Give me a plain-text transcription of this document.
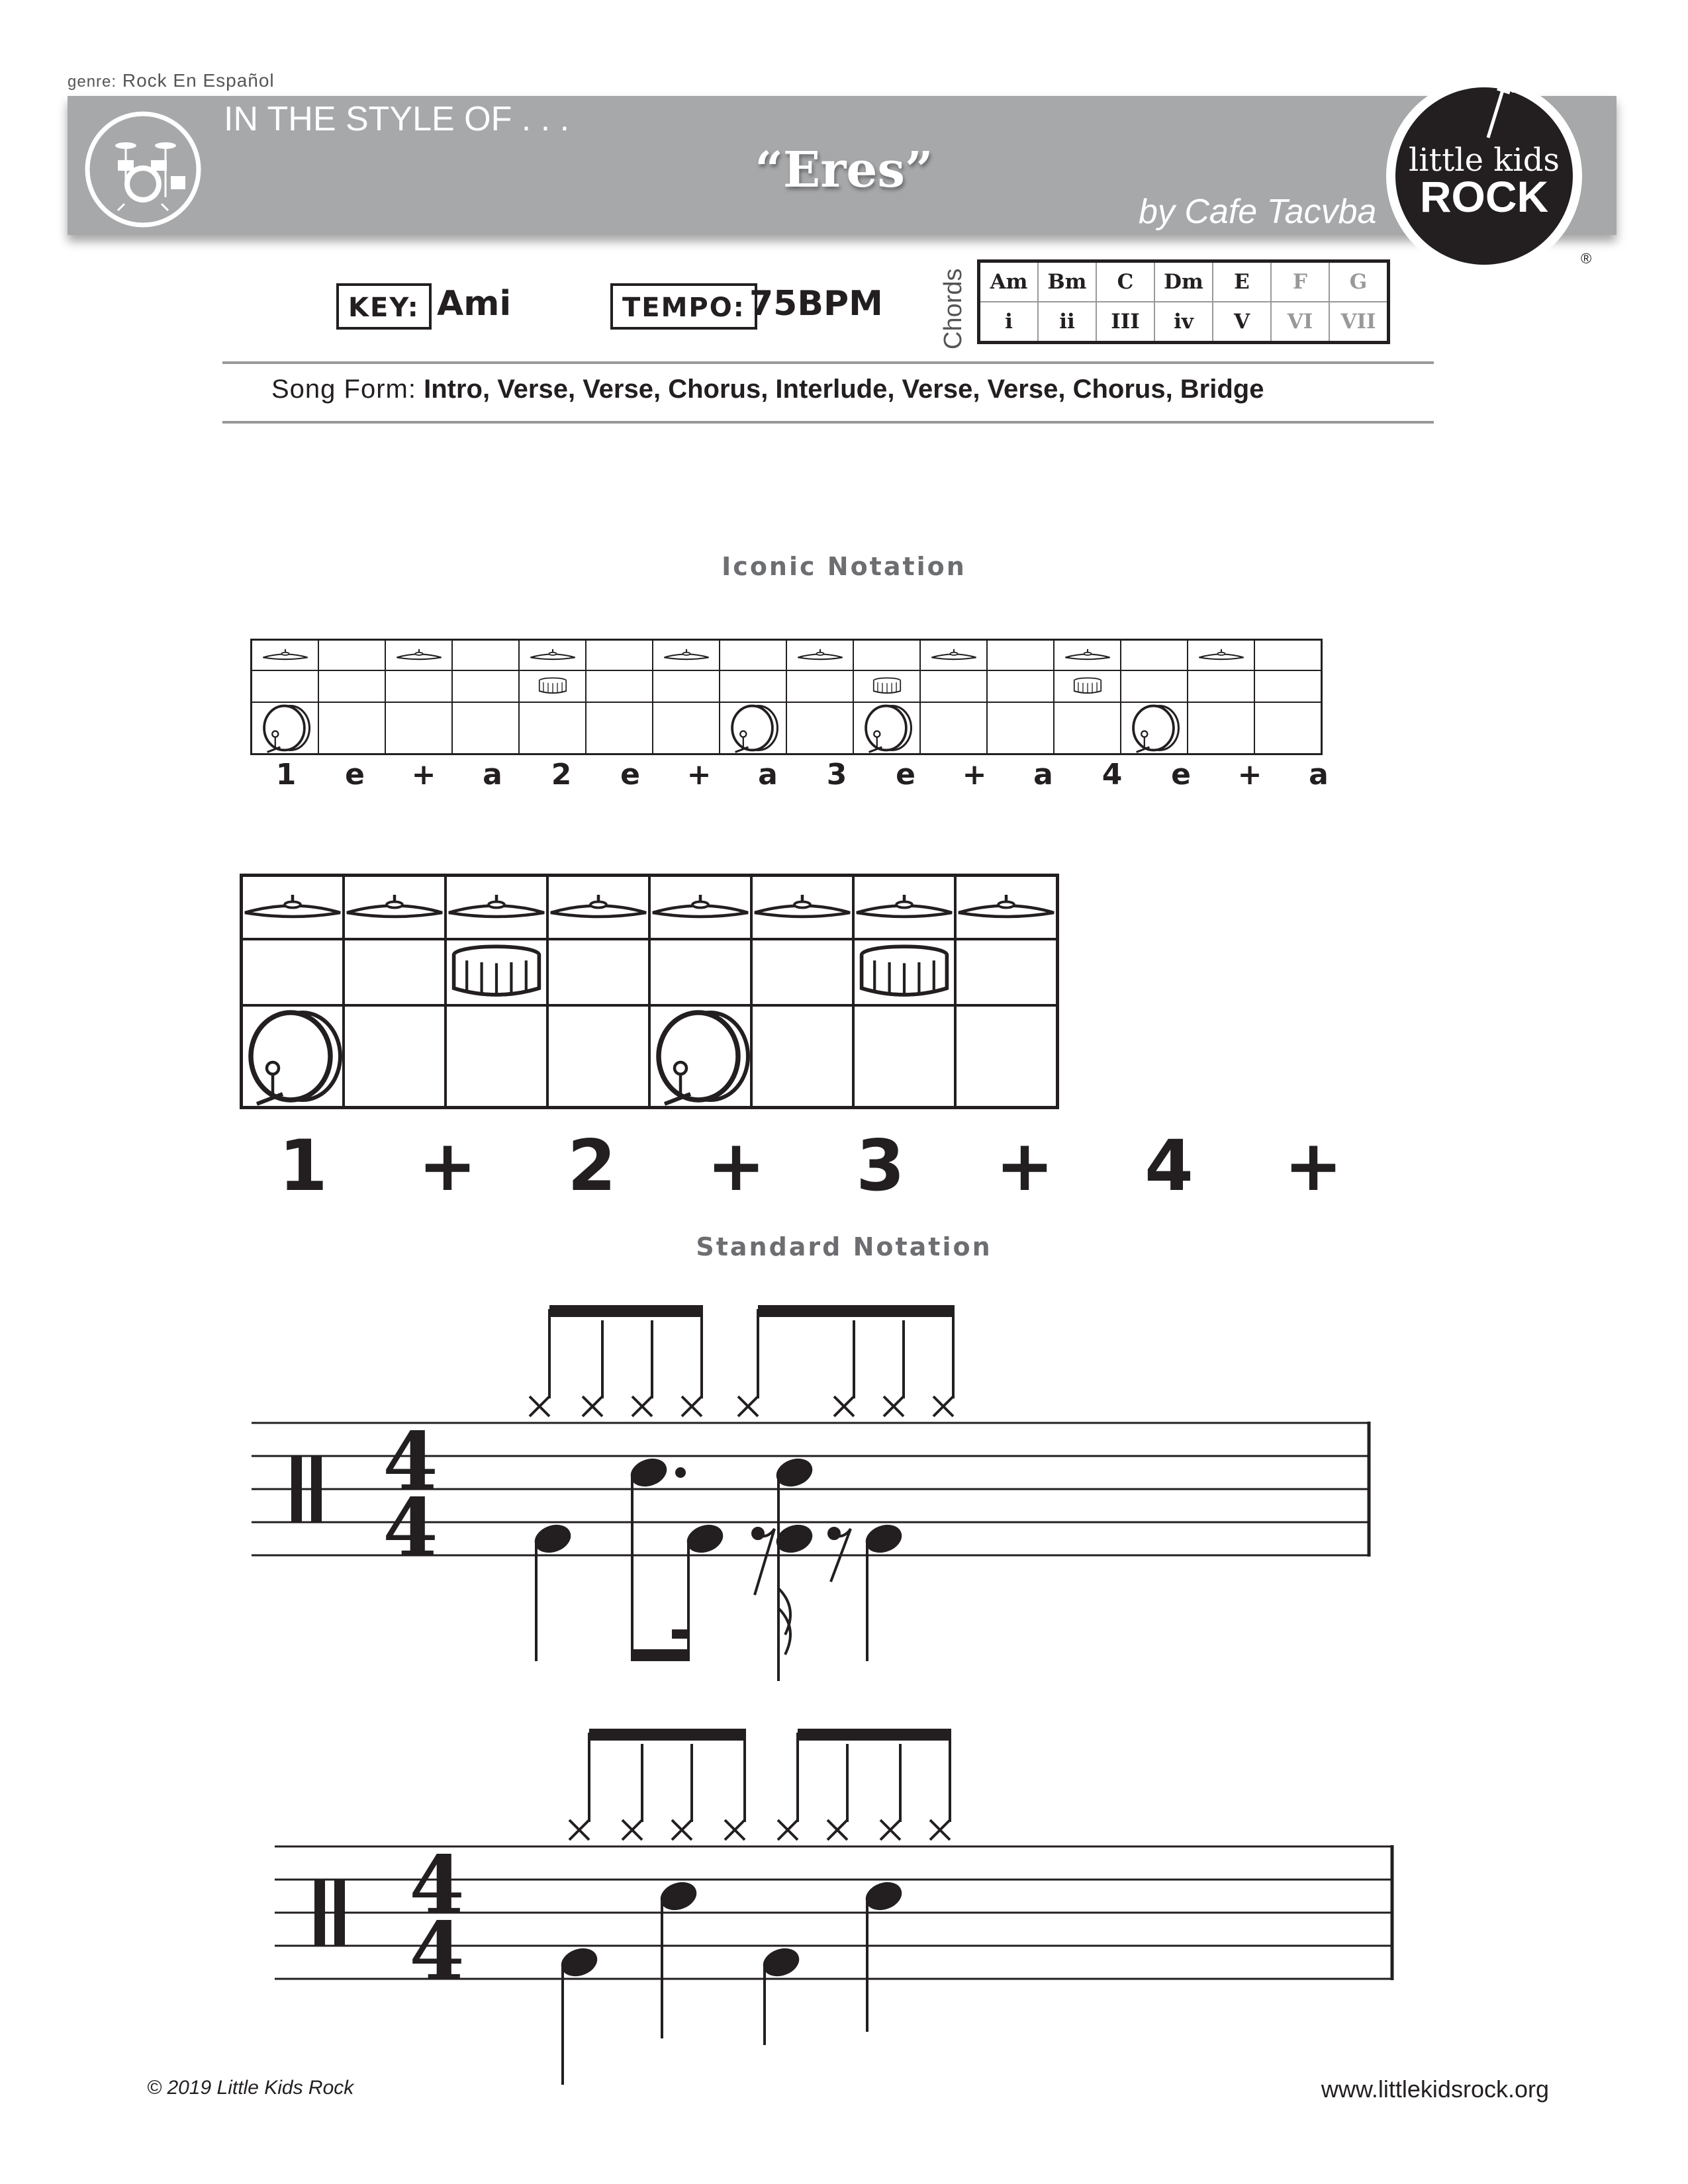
genre: Rock En Español
IN THE STYLE OF . . .
“Eres”
by Cafe Tacvba
little kids
ROCK
®
KEY: Ami	TEMPO: 75BPM Chords Am	Bm	C	Dm	E	F	G
i	ii	III	iv	V	VI	VII
Song Form: Intro, Verse, Verse, Chorus, Interlude, Verse, Verse, Chorus, Bridge
Iconic Notation

1	e	+	a	2	e	+	a	3	e	+	a	4	e	+	a

1	+	2	+	3	+	4	+
Standard Notation
4
4
4
4
© 2019 Little Kids Rock	www.littlekidsrock.org
